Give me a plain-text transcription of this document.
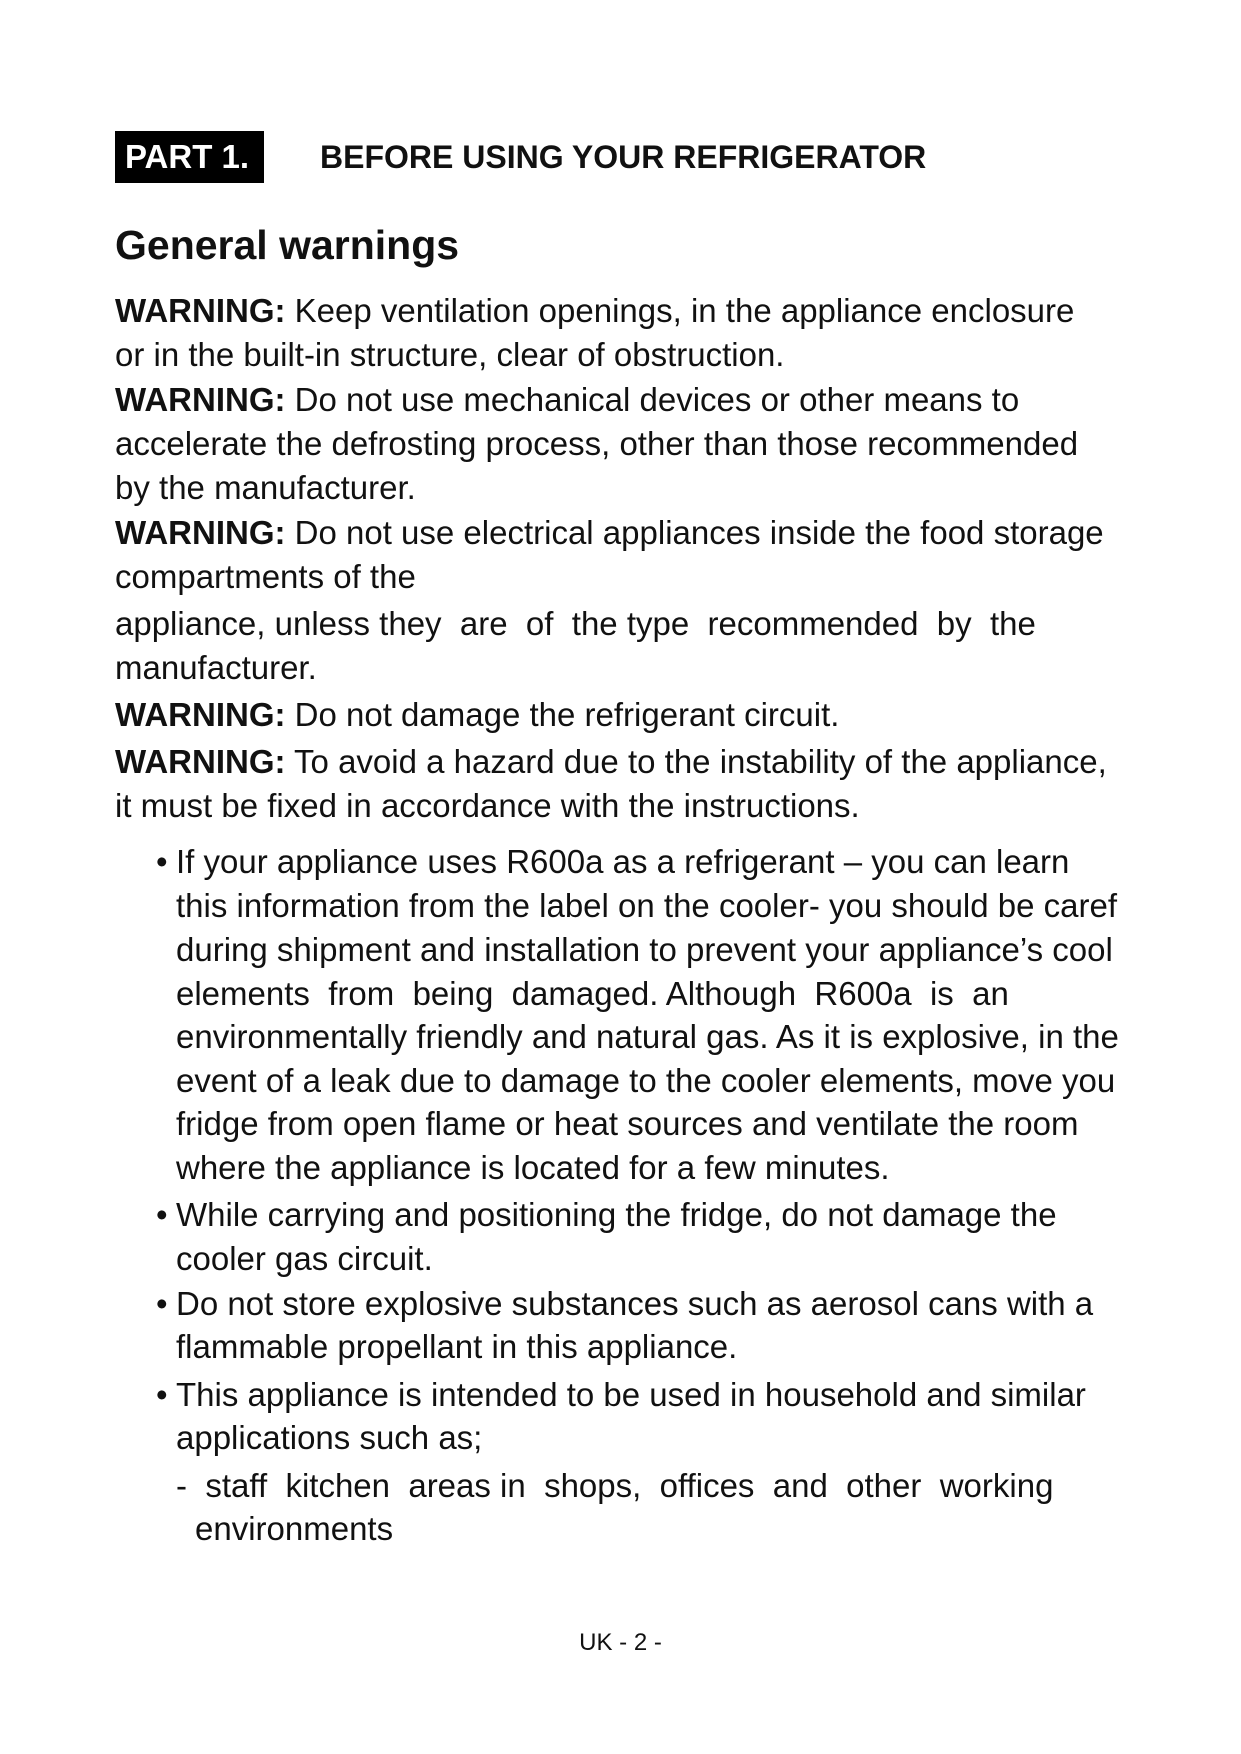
PART 1.	BEFORE USING YOUR REFRIGERATOR
General warnings
WARNING: Keep ventilation openings, in the appliance enclosure
or in the built-in structure, clear of obstruction.
WARNING: Do not use mechanical devices or other means to
accelerate the defrosting process, other than those recommended
by the manufacturer.
WARNING: Do not use electrical appliances inside the food storage
compartments of the
appliance, unless they  are  of  the type  recommended  by  the
manufacturer.
WARNING: Do not damage the refrigerant circuit.
WARNING: To avoid a hazard due to the instability of the appliance,
it must be fixed in accordance with the instructions.
• If your appliance uses R600a as a refrigerant – you can learn
this information from the label on the cooler- you should be caref
during shipment and installation to prevent your appliance’s cool
elements  from  being  damaged. Although  R600a  is  an
environmentally friendly and natural gas. As it is explosive, in the
event of a leak due to damage to the cooler elements, move you
fridge from open flame or heat sources and ventilate the room
where the appliance is located for a few minutes.
• While carrying and positioning the fridge, do not damage the
cooler gas circuit.
• Do not store explosive substances such as aerosol cans with a
flammable propellant in this appliance.
• This appliance is intended to be used in household and similar
applications such as;
- staff  kitchen  areas in  shops,  offices  and  other  working
environments
UK - 2 -
